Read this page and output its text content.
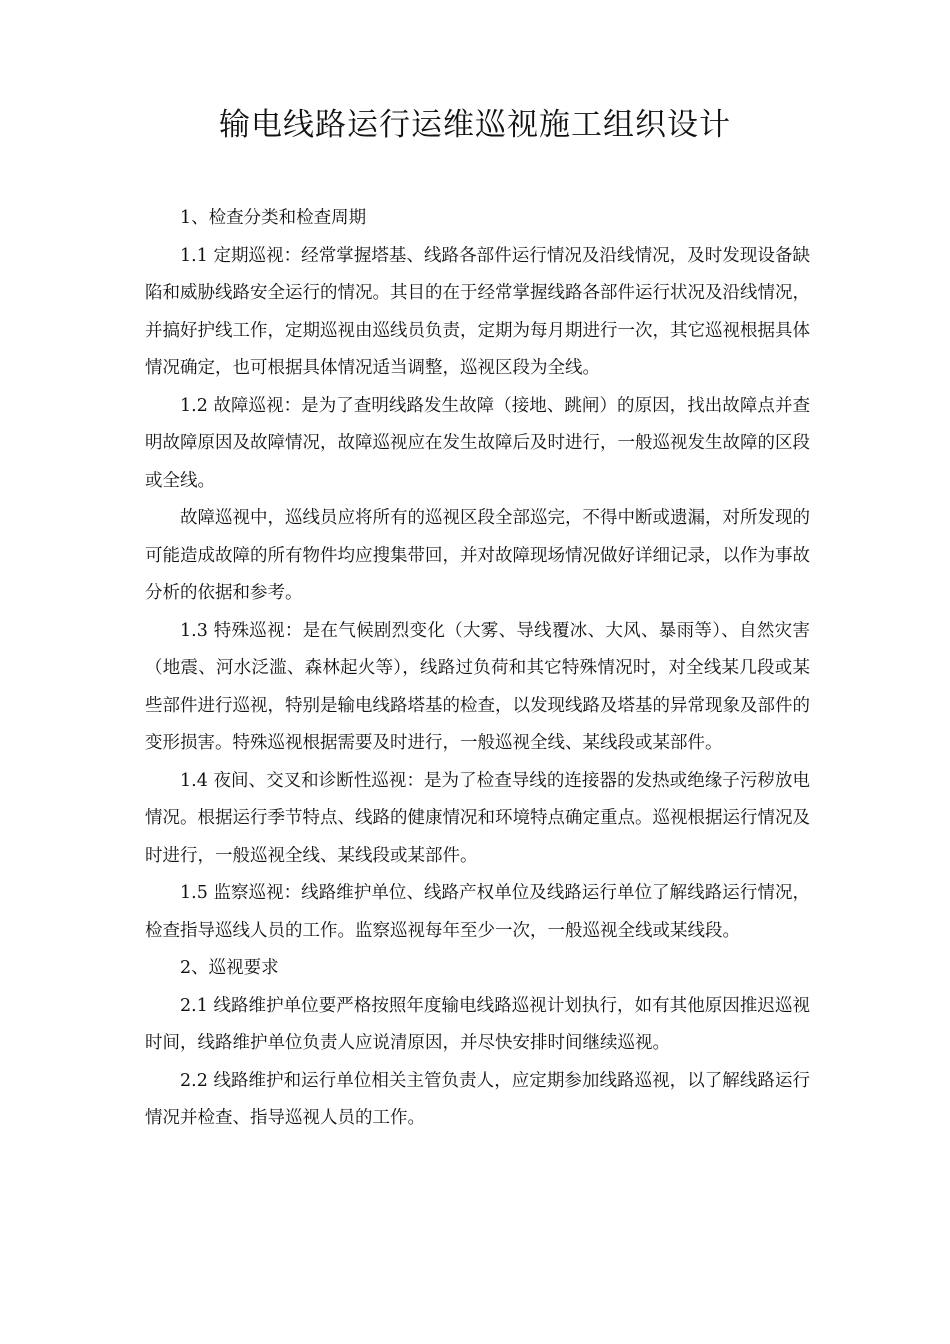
输电线路运行运维巡视施工组织设计

1、检查分类和检查周期

1.1 定期巡视：经常掌握塔基、线路各部件运行情况及沿线情况，及时发现设备缺陷和威胁线路安全运行的情况。其目的在于经常掌握线路各部件运行状况及沿线情况，并搞好护线工作，定期巡视由巡线员负责，定期为每月期进行一次，其它巡视根据具体情况确定，也可根据具体情况适当调整，巡视区段为全线。

1.2 故障巡视：是为了查明线路发生故障（接地、跳闸）的原因，找出故障点并查明故障原因及故障情况，故障巡视应在发生故障后及时进行，一般巡视发生故障的区段或全线。

故障巡视中，巡线员应将所有的巡视区段全部巡完，不得中断或遗漏，对所发现的可能造成故障的所有物件均应搜集带回，并对故障现场情况做好详细记录，以作为事故分析的依据和参考。

1.3 特殊巡视：是在气候剧烈变化（大雾、导线覆冰、大风、暴雨等）、自然灾害（地震、河水泛滥、森林起火等），线路过负荷和其它特殊情况时，对全线某几段或某些部件进行巡视，特别是输电线路塔基的检查，以发现线路及塔基的异常现象及部件的变形损害。特殊巡视根据需要及时进行，一般巡视全线、某线段或某部件。

1.4 夜间、交叉和诊断性巡视：是为了检查导线的连接器的发热或绝缘子污秽放电情况。根据运行季节特点、线路的健康情况和环境特点确定重点。巡视根据运行情况及时进行，一般巡视全线、某线段或某部件。

1.5 监察巡视：线路维护单位、线路产权单位及线路运行单位了解线路运行情况，检查指导巡线人员的工作。监察巡视每年至少一次，一般巡视全线或某线段。

2、巡视要求

2.1 线路维护单位要严格按照年度输电线路巡视计划执行，如有其他原因推迟巡视时间，线路维护单位负责人应说清原因，并尽快安排时间继续巡视。

2.2 线路维护和运行单位相关主管负责人，应定期参加线路巡视，以了解线路运行情况并检查、指导巡视人员的工作。
